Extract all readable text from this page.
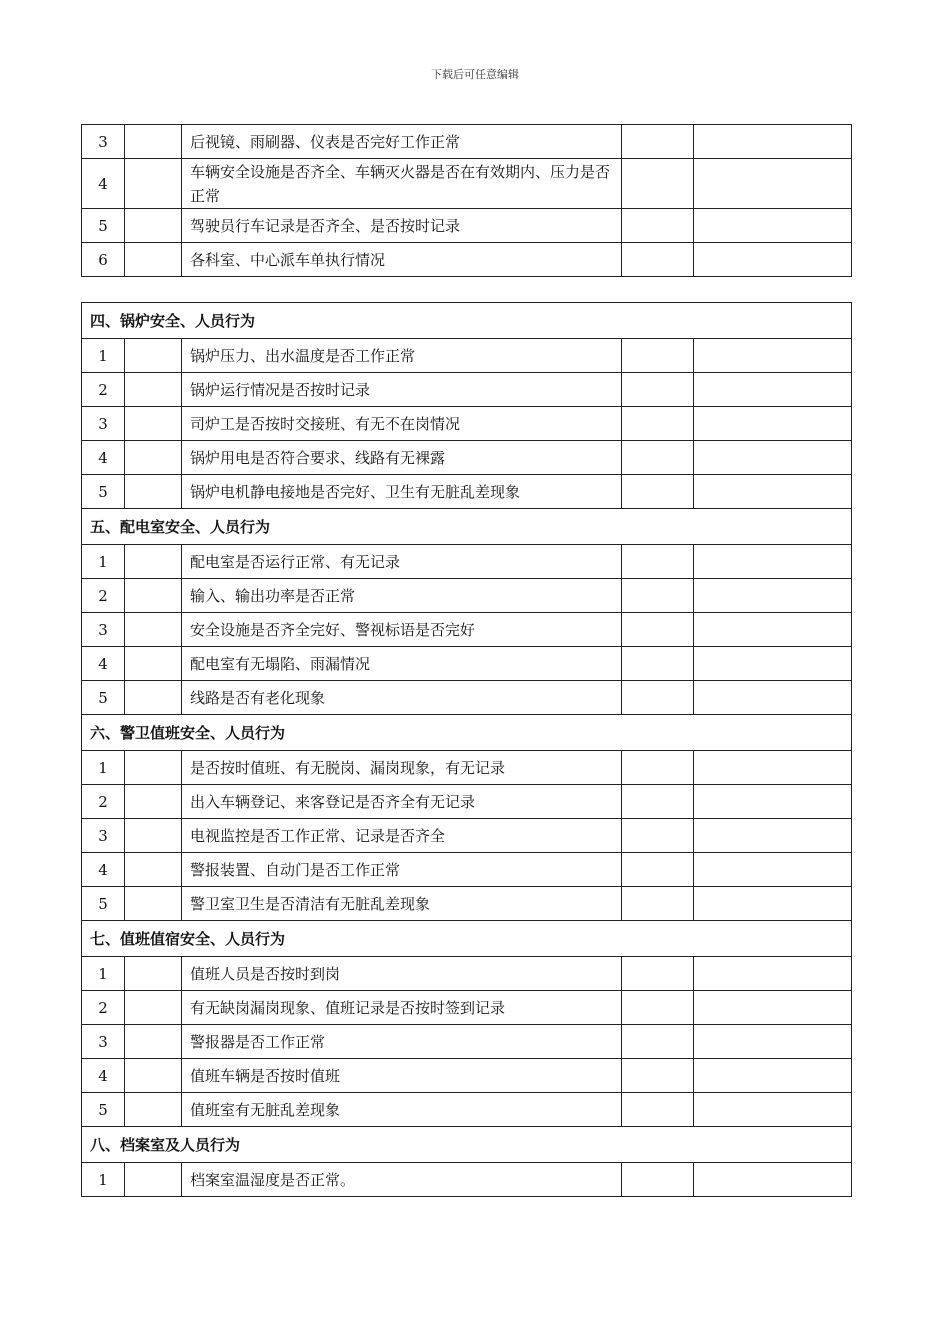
下载后可任意编辑
3		后视镜、雨刷器、仪表是否完好工作正常		
4		车辆安全设施是否齐全、车辆灭火器是否在有效期内、压力是否正常		
5		驾驶员行车记录是否齐全、是否按时记录		
6		各科室、中心派车单执行情况		
四、锅炉安全、人员行为				
1		锅炉压力、出水温度是否工作正常		
2		锅炉运行情况是否按时记录		
3		司炉工是否按时交接班、有无不在岗情况		
4		锅炉用电是否符合要求、线路有无裸露		
5		锅炉电机静电接地是否完好、卫生有无脏乱差现象		
五、配电室安全、人员行为				
1		配电室是否运行正常、有无记录		
2		输入、输出功率是否正常		
3		安全设施是否齐全完好、警视标语是否完好		
4		配电室有无塌陷、雨漏情况		
5		线路是否有老化现象		
六、警卫值班安全、人员行为				
1		是否按时值班、有无脱岗、漏岗现象，有无记录		
2		出入车辆登记、来客登记是否齐全有无记录		
3		电视监控是否工作正常、记录是否齐全		
4		警报装置、自动门是否工作正常		
5		警卫室卫生是否清洁有无脏乱差现象		
七、值班值宿安全、人员行为				
1		值班人员是否按时到岗		
2		有无缺岗漏岗现象、值班记录是否按时签到记录		
3		警报器是否工作正常		
4		值班车辆是否按时值班		
5		值班室有无脏乱差现象		
八、档案室及人员行为				
1		档案室温湿度是否正常。		
